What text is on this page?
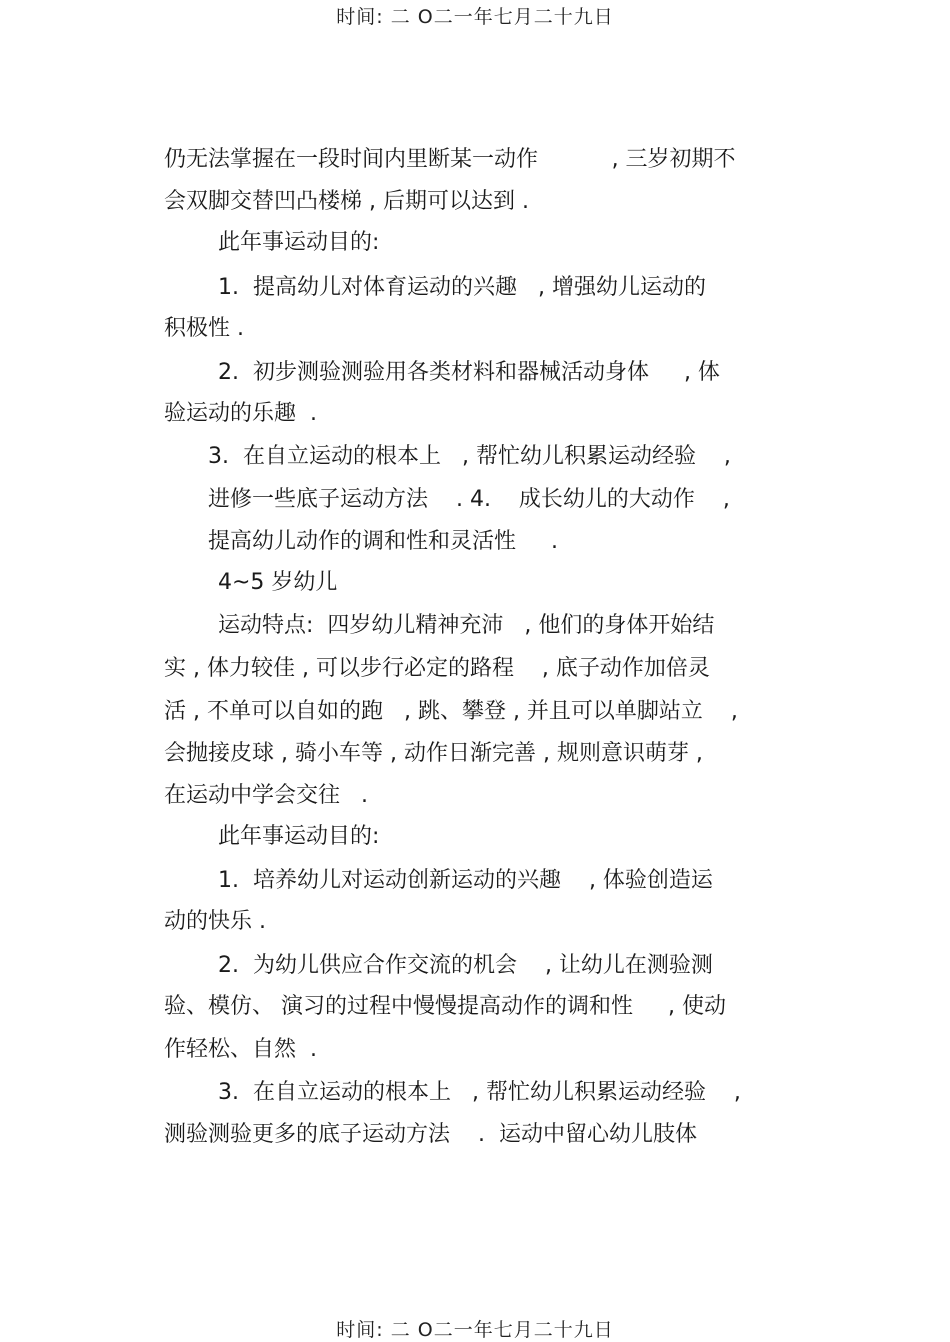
时间: 二 O二一年七月二十九日
仍无法掌握在一段时间内里断某一动作		, 三岁初期不
会双脚交替凹凸楼梯 , 后期可以达到 .
此年事运动目的:
1.  提高幼儿对体育运动的兴趣   , 增强幼儿运动的
积极性 .
2.  初步测验测验用各类材料和器械活动身体     , 体
验运动的乐趣  .
3.  在自立运动的根本上   , 帮忙幼儿积累运动经验    ,
进修一些底子运动方法    . 4.    成长幼儿的大动作    ,
提高幼儿动作的调和性和灵活性     .
4~5 岁幼儿
运动特点:  四岁幼儿精神充沛   , 他们的身体开始结
实 , 体力较佳 , 可以步行必定的路程    , 底子动作加倍灵
活 , 不单可以自如的跑   , 跳、攀登 , 并且可以单脚站立    ,
会抛接皮球 , 骑小车等 , 动作日渐完善 , 规则意识萌芽 ,
在运动中学会交往   .
此年事运动目的:
1.  培养幼儿对运动创新运动的兴趣    , 体验创造运
动的快乐 .
2.  为幼儿供应合作交流的机会    , 让幼儿在测验测
验、模仿、 演习的过程中慢慢提高动作的调和性     , 使动
作轻松、自然  .
3.  在自立运动的根本上   , 帮忙幼儿积累运动经验    ,
测验测验更多的底子运动方法    .  运动中留心幼儿肢体
时间: 二 O二一年七月二十九日
